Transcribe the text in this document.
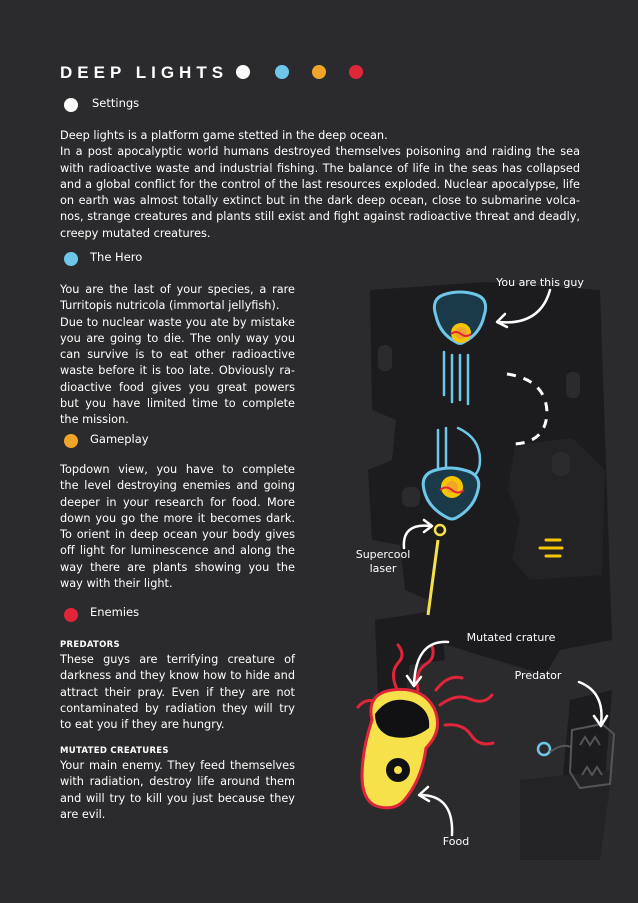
DEEP LIGHTS
Settings
Deep lights is a platform game stetted in the deep ocean.
In a post apocalyptic world humans destroyed themselves poisoning and raiding the sea
with radioactive waste and industrial fishing. The balance of life in the seas has collapsed
and a global conflict for the control of the last resources exploded. Nuclear apocalypse, life
on earth was almost totally extinct but in the dark deep ocean, close to submarine volca-
nos, strange creatures and plants still exist and fight against radioactive threat and deadly,
creepy mutated creatures.
The Hero
You are the last of your species, a rare
Turritopis nutricola (immortal jellyfish).
Due to nuclear waste you ate by mistake
you are going to die. The only way you
can survive is to eat other radioactive
waste before it is too late. Obviously ra-
dioactive food gives you great powers
but you have limited time to complete
the mission.
Gameplay
Topdown view, you have to complete
the level destroying enemies and going
deeper in your research for food. More
down you go the more it becomes dark.
To orient in deep ocean your body gives
off light for luminescence and along the
way there are plants showing you the
way with their light.
Enemies
PREDATORS
These guys are terrifying creature of
darkness and they know how to hide and
attract their pray. Even if they are not
contaminated by radiation they will try
to eat you if they are hungry.
MUTATED CREATURES
Your main enemy. They feed themselves
with radiation, destroy life around them
and will try to kill you just because they
are evil.
You are this guy
Supercool
laser
Mutated crature
Predator
Food
